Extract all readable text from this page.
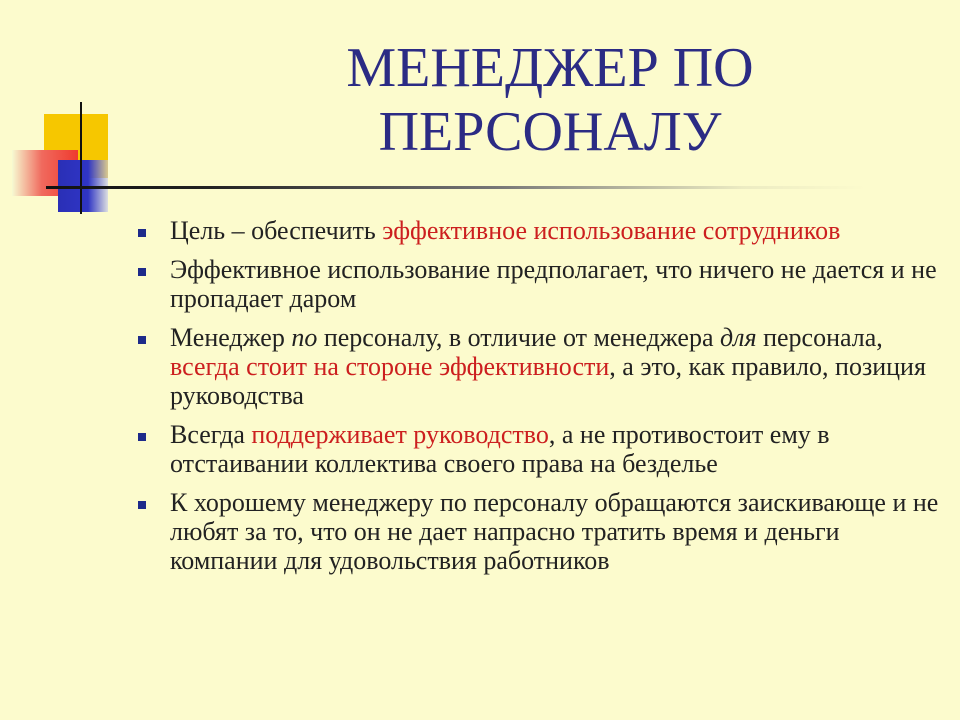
МЕНЕДЖЕР ПО
ПЕРСОНАЛУ
Цель – обеспечить эффективное использование сотрудников
Эффективное использование предполагает, что ничего не дается и не пропадает даром
Менеджер по персоналу, в отличие от менеджера для персонала, всегда стоит на стороне эффективности, а это, как правило, позиция руководства
Всегда поддерживает руководство, а не противостоит ему в отстаивании коллектива своего права на безделье
К хорошему менеджеру по персоналу обращаются заискивающе и не любят за то, что он не дает напрасно тратить время и деньги компании для удовольствия работников
